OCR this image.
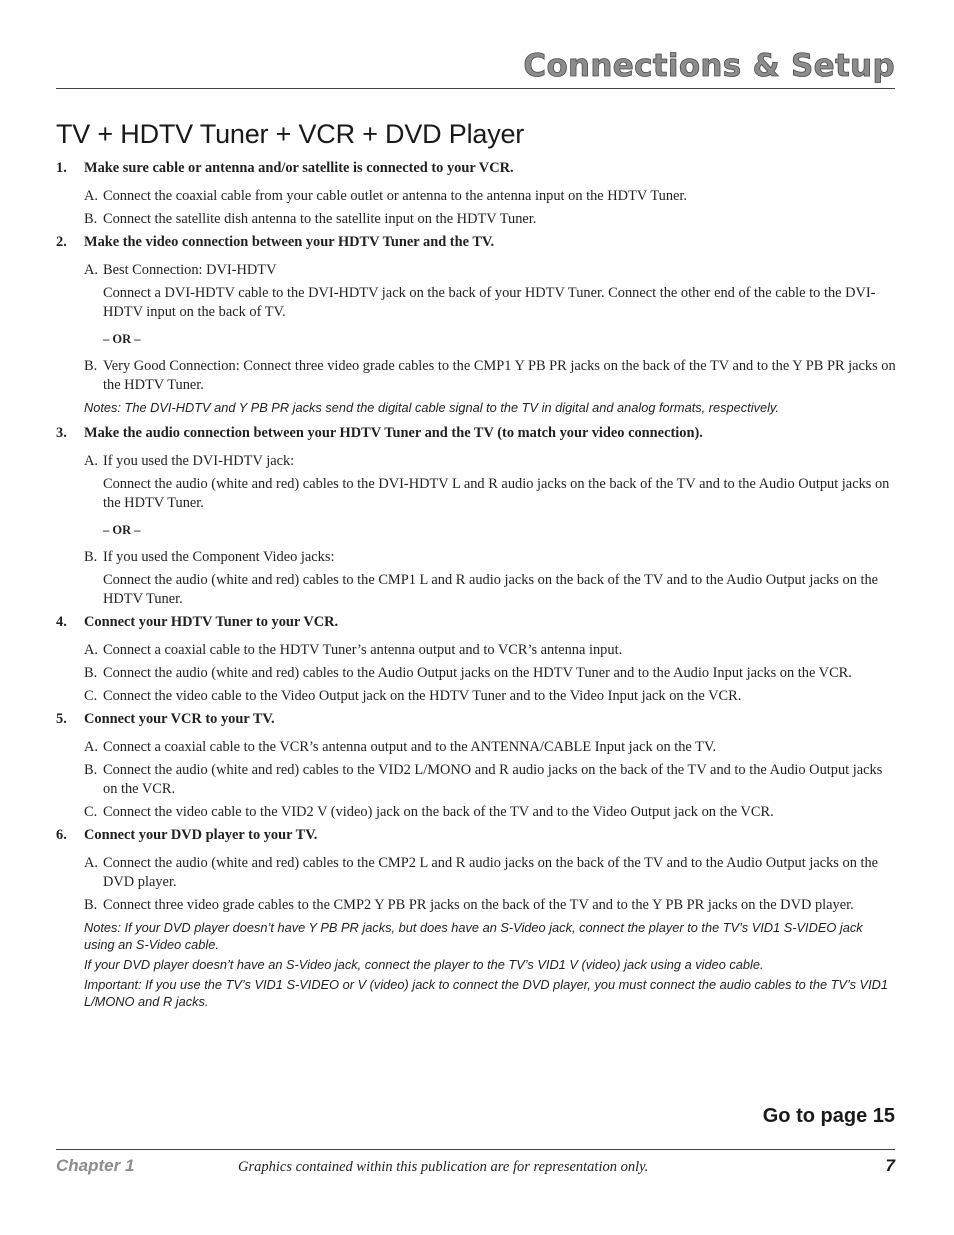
Connections & Setup
TV + HDTV Tuner + VCR + DVD Player
1.	Make sure cable or antenna and/or satellite is connected to your VCR.
A. Connect the coaxial cable from your cable outlet or antenna to the antenna input on the HDTV Tuner.
B. Connect the satellite dish antenna to the satellite input on the HDTV Tuner.
2.	Make the video connection between your HDTV Tuner and the TV.
A. Best Connection: DVI-HDTV

Connect a DVI-HDTV cable to the DVI-HDTV jack on the back of your HDTV Tuner. Connect the other end of the cable to the DVI-HDTV input on the back of TV.

– OR –
B. Very Good Connection: Connect three video grade cables to the CMP1 Y PB PR jacks on the back of the TV and to the Y PB PR jacks on the HDTV Tuner.

Notes: The DVI-HDTV and Y PB PR jacks send the digital cable signal to the TV in digital and analog formats, respectively.

3.	Make the audio connection between your HDTV Tuner and the TV (to match your video connection).
A. If you used the DVI-HDTV jack:

Connect the audio (white and red) cables to the DVI-HDTV L and R audio jacks on the back of the TV and to the Audio Output jacks on the HDTV Tuner.

– OR –
B. If you used the Component Video jacks:

Connect the audio (white and red) cables to the CMP1 L and R audio jacks on the back of the TV and to the Audio Output jacks on the HDTV Tuner.

4.	Connect your HDTV Tuner to your VCR.
A. Connect a coaxial cable to the HDTV Tuner’s antenna output and to VCR’s antenna input.
B. Connect the audio (white and red) cables to the Audio Output jacks on the HDTV Tuner and to the Audio Input jacks on the VCR.
C. Connect the video cable to the Video Output jack on the HDTV Tuner and to the Video Input jack on the VCR.
5.	Connect your VCR to your TV.
A. Connect a coaxial cable to the VCR’s antenna output and to the ANTENNA/CABLE Input jack on the TV.
B. Connect the audio (white and red) cables to the VID2 L/MONO and R audio jacks on the back of the TV and to the Audio Output jacks on the VCR.
C. Connect the video cable to the VID2 V (video) jack on the back of the TV and to the Video Output jack on the VCR.
6.	Connect your DVD player to your TV.
A. Connect the audio (white and red) cables to the CMP2 L and R audio jacks on the back of the TV and to the Audio Output jacks on the DVD player.
B. Connect three video grade cables to the CMP2 Y PB PR jacks on the back of the TV and to the Y PB PR jacks on the DVD player.

Notes: If your DVD player doesn’t have Y PB PR jacks, but does have an S-Video jack, connect the player to the TV’s VID1 S-VIDEO jack using an S-Video cable.

If your DVD player doesn’t have an S-Video jack, connect the player to the TV’s VID1 V (video) jack using a video cable.

Important: If you use the TV’s VID1 S-VIDEO or V (video) jack to connect the DVD player, you must connect the audio cables to the TV’s VID1 L/MONO and R jacks.

Go to page 15

Chapter 1	Graphics contained within this publication are for representation only.	7
